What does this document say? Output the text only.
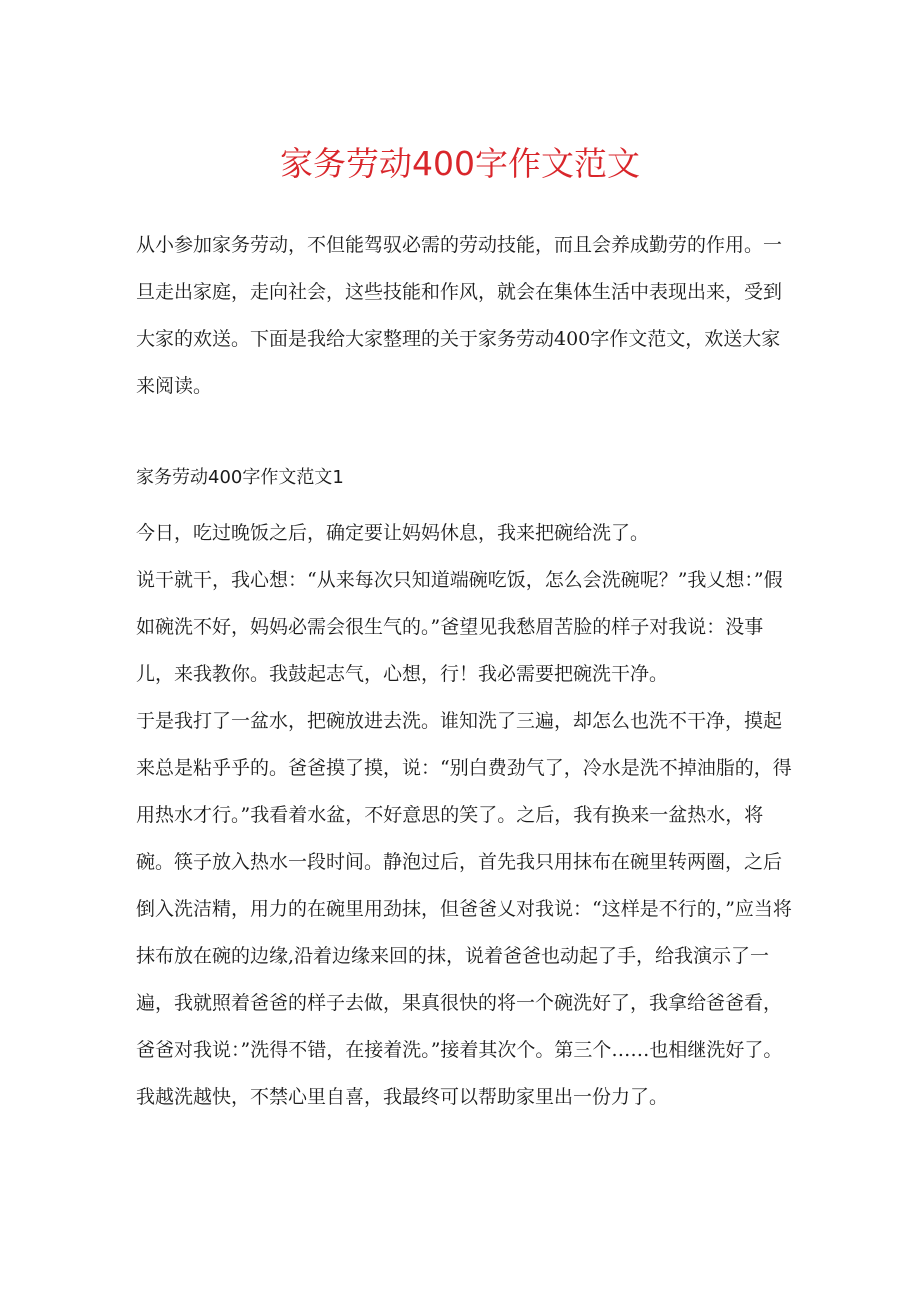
家务劳动400字作文范文

从小参加家务劳动，不但能驾驭必需的劳动技能，而且会养成勤劳的作用。一旦走出家庭，走向社会，这些技能和作风，就会在集体生活中表现出来，受到大家的欢送。下面是我给大家整理的关于家务劳动400字作文范文，欢送大家来阅读。

家务劳动400字作文范文1

今日，吃过晚饭之后，确定要让妈妈休息，我来把碗给洗了。

说干就干，我心想：“从来每次只知道端碗吃饭，怎么会洗碗呢？”我乂想：”假如碗洗不好，妈妈必需会很生气的。”爸望见我愁眉苦脸的样子对我说：没事儿，来我教你。我鼓起志气，心想，行！我必需要把碗洗干净。

于是我打了一盆水，把碗放进去洗。谁知洗了三遍，却怎么也洗不干净，摸起来总是粘乎乎的。爸爸摸了摸，说：“别白费劲气了，冷水是洗不掉油脂的，得用热水才行。”我看着水盆，不好意思的笑了。之后，我有换来一盆热水，将碗。筷子放入热水一段时间。静泡过后，首先我只用抹布在碗里转两圈，之后倒入洗洁精，用力的在碗里用劲抹，但爸爸乂对我说：“这样是不行的，”应当将抹布放在碗的边缘,沿着边缘来回的抹，说着爸爸也动起了手，给我演示了一遍，我就照着爸爸的样子去做，果真很快的将一个碗洗好了，我拿给爸爸看，爸爸对我说：”洗得不错，在接着洗。”接着其次个。第三个……也相继洗好了。我越洗越快，不禁心里自喜，我最终可以帮助家里出一份力了。
